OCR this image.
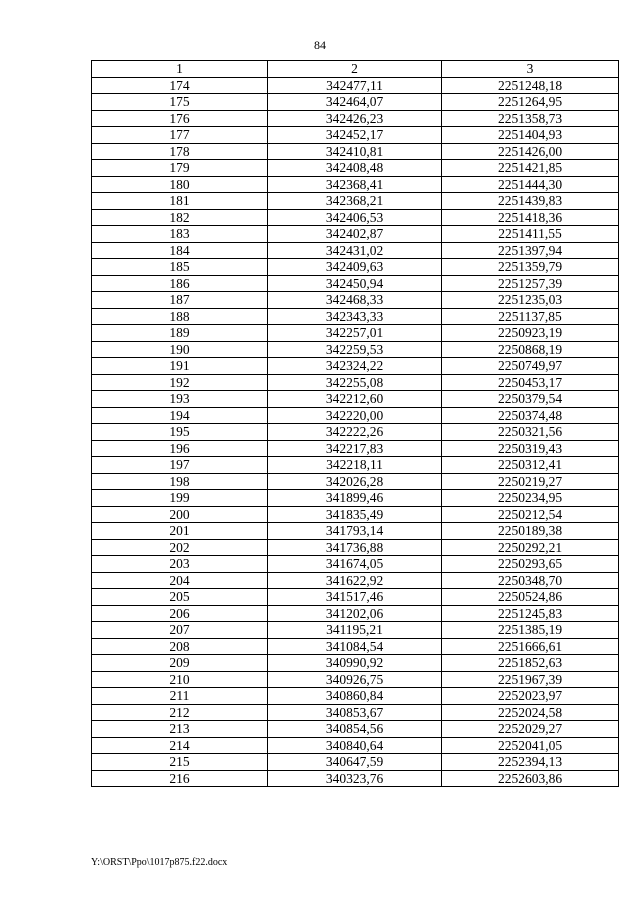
84
1	2	3
174	342477,11	2251248,18
175	342464,07	2251264,95
176	342426,23	2251358,73
177	342452,17	2251404,93
178	342410,81	2251426,00
179	342408,48	2251421,85
180	342368,41	2251444,30
181	342368,21	2251439,83
182	342406,53	2251418,36
183	342402,87	2251411,55
184	342431,02	2251397,94
185	342409,63	2251359,79
186	342450,94	2251257,39
187	342468,33	2251235,03
188	342343,33	2251137,85
189	342257,01	2250923,19
190	342259,53	2250868,19
191	342324,22	2250749,97
192	342255,08	2250453,17
193	342212,60	2250379,54
194	342220,00	2250374,48
195	342222,26	2250321,56
196	342217,83	2250319,43
197	342218,11	2250312,41
198	342026,28	2250219,27
199	341899,46	2250234,95
200	341835,49	2250212,54
201	341793,14	2250189,38
202	341736,88	2250292,21
203	341674,05	2250293,65
204	341622,92	2250348,70
205	341517,46	2250524,86
206	341202,06	2251245,83
207	341195,21	2251385,19
208	341084,54	2251666,61
209	340990,92	2251852,63
210	340926,75	2251967,39
211	340860,84	2252023,97
212	340853,67	2252024,58
213	340854,56	2252029,27
214	340840,64	2252041,05
215	340647,59	2252394,13
216	340323,76	2252603,86
Y:\ORST\Ppo\1017p875.f22.docx
